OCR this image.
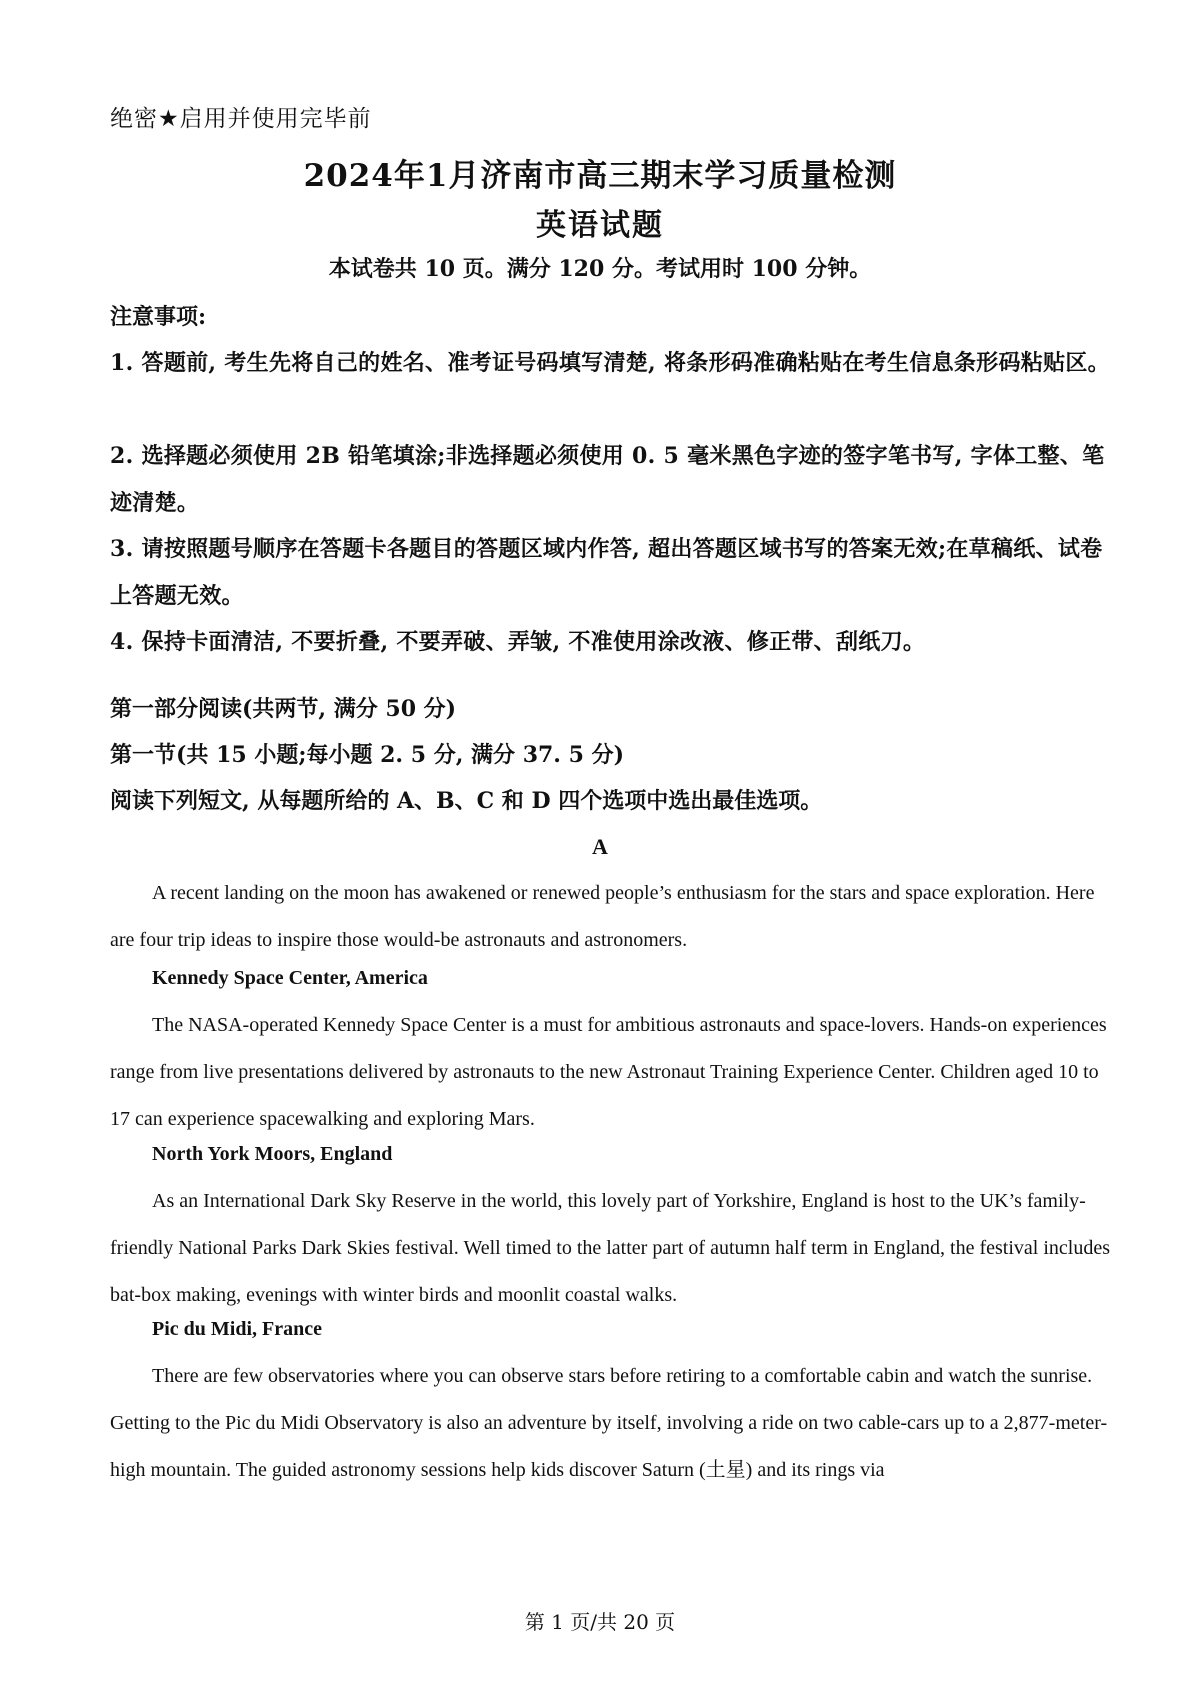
绝密★启用并使用完毕前
2024年1月济南市高三期末学习质量检测
英语试题
本试卷共 10 页。满分 120 分。考试用时 100 分钟。
注意事项:
1. 答题前, 考生先将自己的姓名、准考证号码填写清楚, 将条形码准确粘贴在考生信息条形码粘贴区。
2. 选择题必须使用 2B 铅笔填涂;非选择题必须使用 0. 5 毫米黑色字迹的签字笔书写, 字体工整、笔迹清楚。
3. 请按照题号顺序在答题卡各题目的答题区域内作答, 超出答题区域书写的答案无效;在草稿纸、试卷上答题无效。
4. 保持卡面清洁, 不要折叠, 不要弄破、弄皱, 不准使用涂改液、修正带、刮纸刀。
第一部分阅读(共两节, 满分 50 分)
第一节(共 15 小题;每小题 2. 5 分, 满分 37. 5 分)
阅读下列短文, 从每题所给的 A、B、C 和 D 四个选项中选出最佳选项。
A
A recent landing on the moon has awakened or renewed people’s enthusiasm for the stars and space exploration. Here are four trip ideas to inspire those would-be astronauts and astronomers.
Kennedy Space Center, America
The NASA-operated Kennedy Space Center is a must for ambitious astronauts and space-lovers. Hands-on experiences range from live presentations delivered by astronauts to the new Astronaut Training Experience Center. Children aged 10 to 17 can experience spacewalking and exploring Mars.
North York Moors, England
As an International Dark Sky Reserve in the world, this lovely part of Yorkshire, England is host to the UK’s family-friendly National Parks Dark Skies festival. Well timed to the latter part of autumn half term in England, the festival includes bat-box making, evenings with winter birds and moonlit coastal walks.
Pic du Midi, France
There are few observatories where you can observe stars before retiring to a comfortable cabin and watch the sunrise. Getting to the Pic du Midi Observatory is also an adventure by itself, involving a ride on two cable-cars up to a 2,877-meter-high mountain. The guided astronomy sessions help kids discover Saturn (土星) and its rings via
第 1 页/共 20 页
